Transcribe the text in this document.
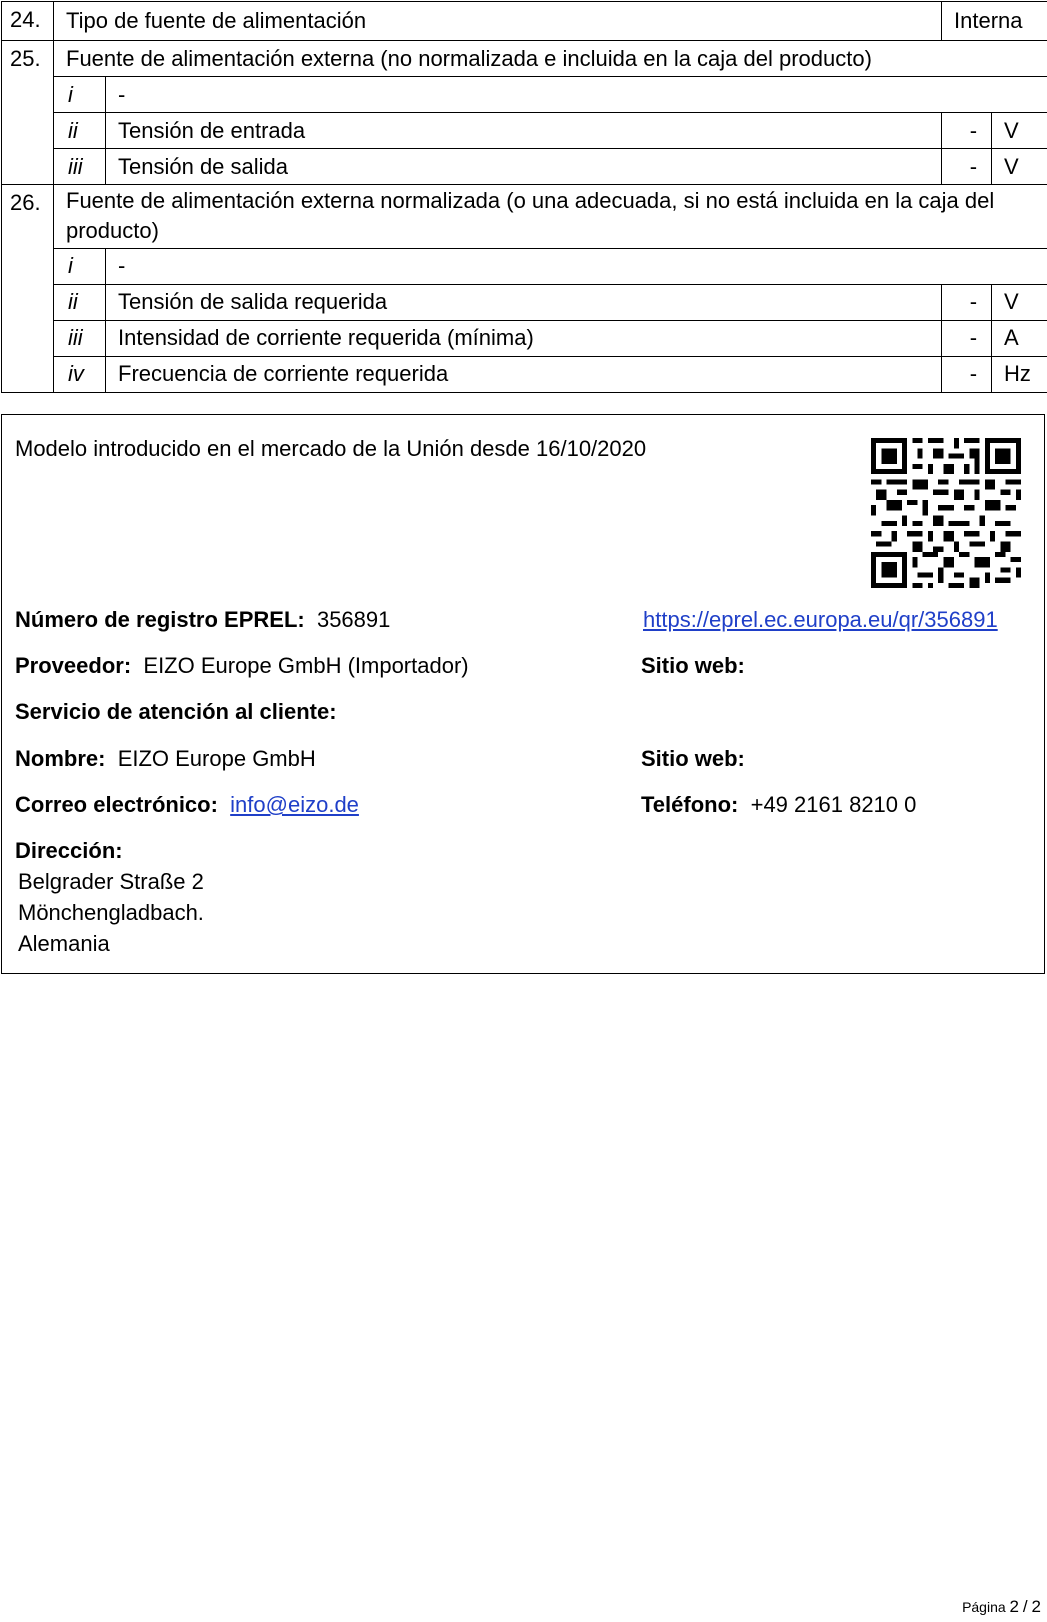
24.	Tipo de fuente de alimentación		Interna	
25.	Fuente de alimentación externa (no normalizada e incluida en la caja del producto)			
	i	-		
	ii	Tensión de entrada	-	V
	iii	Tensión de salida	-	V
26.	Fuente de alimentación externa normalizada (o una adecuada, si no está incluida en la caja del producto)			
	i	-		
	ii	Tensión de salida requerida	-	V
	iii	Intensidad de corriente requerida (mínima)	-	A
	iv	Frecuencia de corriente requerida	-	Hz
Modelo introducido en el mercado de la Unión desde 16/10/2020
Número de registro EPREL: 356891	https://eprel.ec.europa.eu/qr/356891
Proveedor: EIZO Europe GmbH (Importador)	Sitio web:
Servicio de atención al cliente:
Nombre: EIZO Europe GmbH	Sitio web:
Correo electrónico: info@eizo.de	Teléfono: +49 2161 8210 0
Dirección:
Belgrader Straße 2
Mönchengladbach.
Alemania
Página 2 / 2
